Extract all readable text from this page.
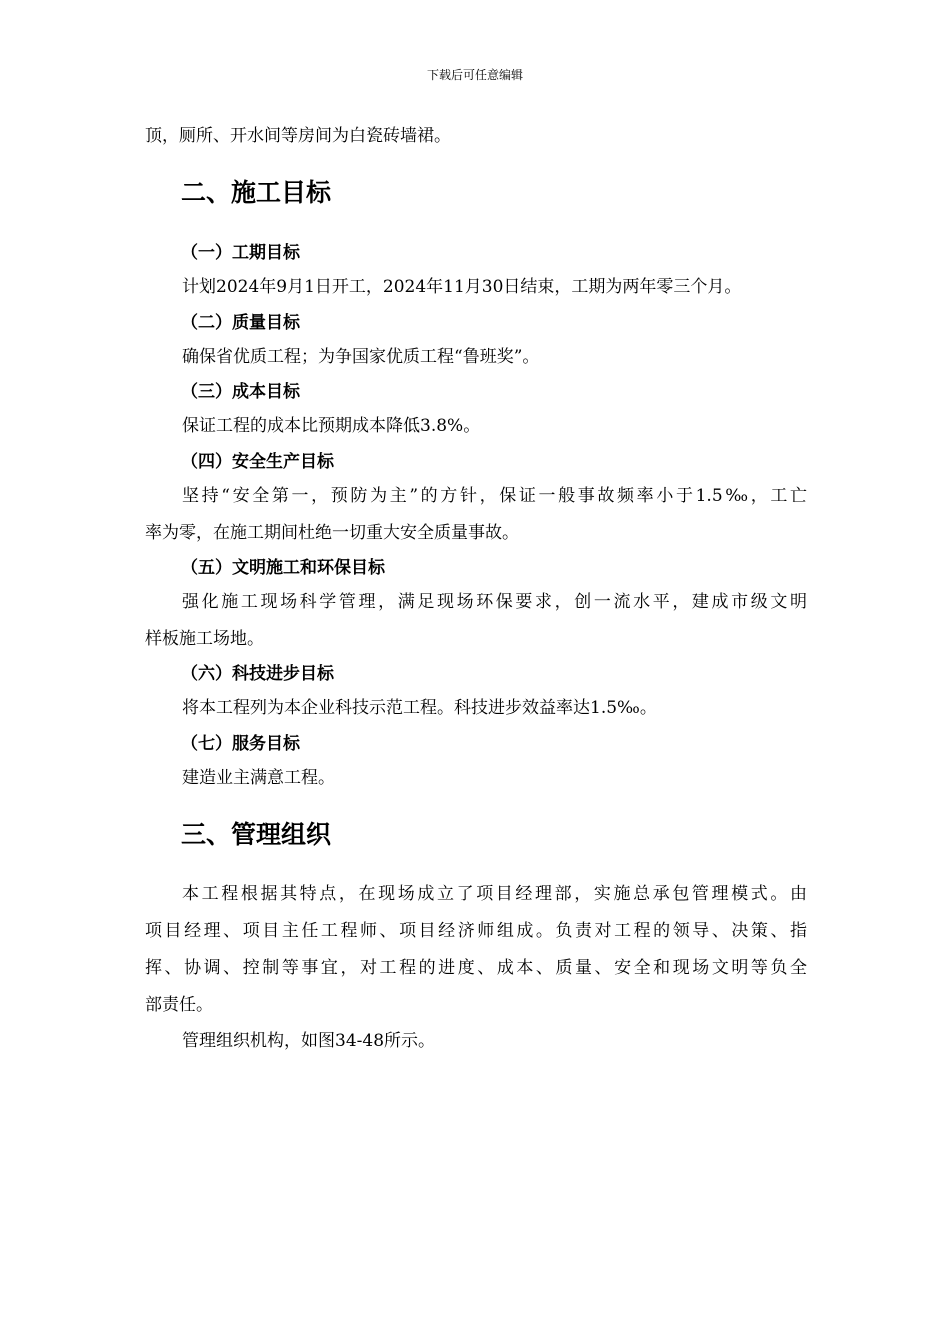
下载后可任意编辑
顶，厕所、开水间等房间为白瓷砖墙裙。
二、施工目标
（一）工期目标
计划2024年9月1日开工，2024年11月30日结束，工期为两年零三个月。
（二）质量目标
确保省优质工程；为争国家优质工程“鲁班奖”。
（三）成本目标
保证工程的成本比预期成本降低3.8%。
（四）安全生产目标
坚持“安全第一，预防为主”的方针，保证一般事故频率小于1.5‰，工亡
率为零，在施工期间杜绝一切重大安全质量事故。
（五）文明施工和环保目标
强化施工现场科学管理，满足现场环保要求，创一流水平，建成市级文明
样板施工场地。
（六）科技进步目标
将本工程列为本企业科技示范工程。科技进步效益率达1.5‰。
（七）服务目标
建造业主满意工程。
三、管理组织
本工程根据其特点，在现场成立了项目经理部，实施总承包管理模式。由
项目经理、项目主任工程师、项目经济师组成。负责对工程的领导、决策、指
挥、协调、控制等事宜，对工程的进度、成本、质量、安全和现场文明等负全
部责任。
管理组织机构，如图34-48所示。
